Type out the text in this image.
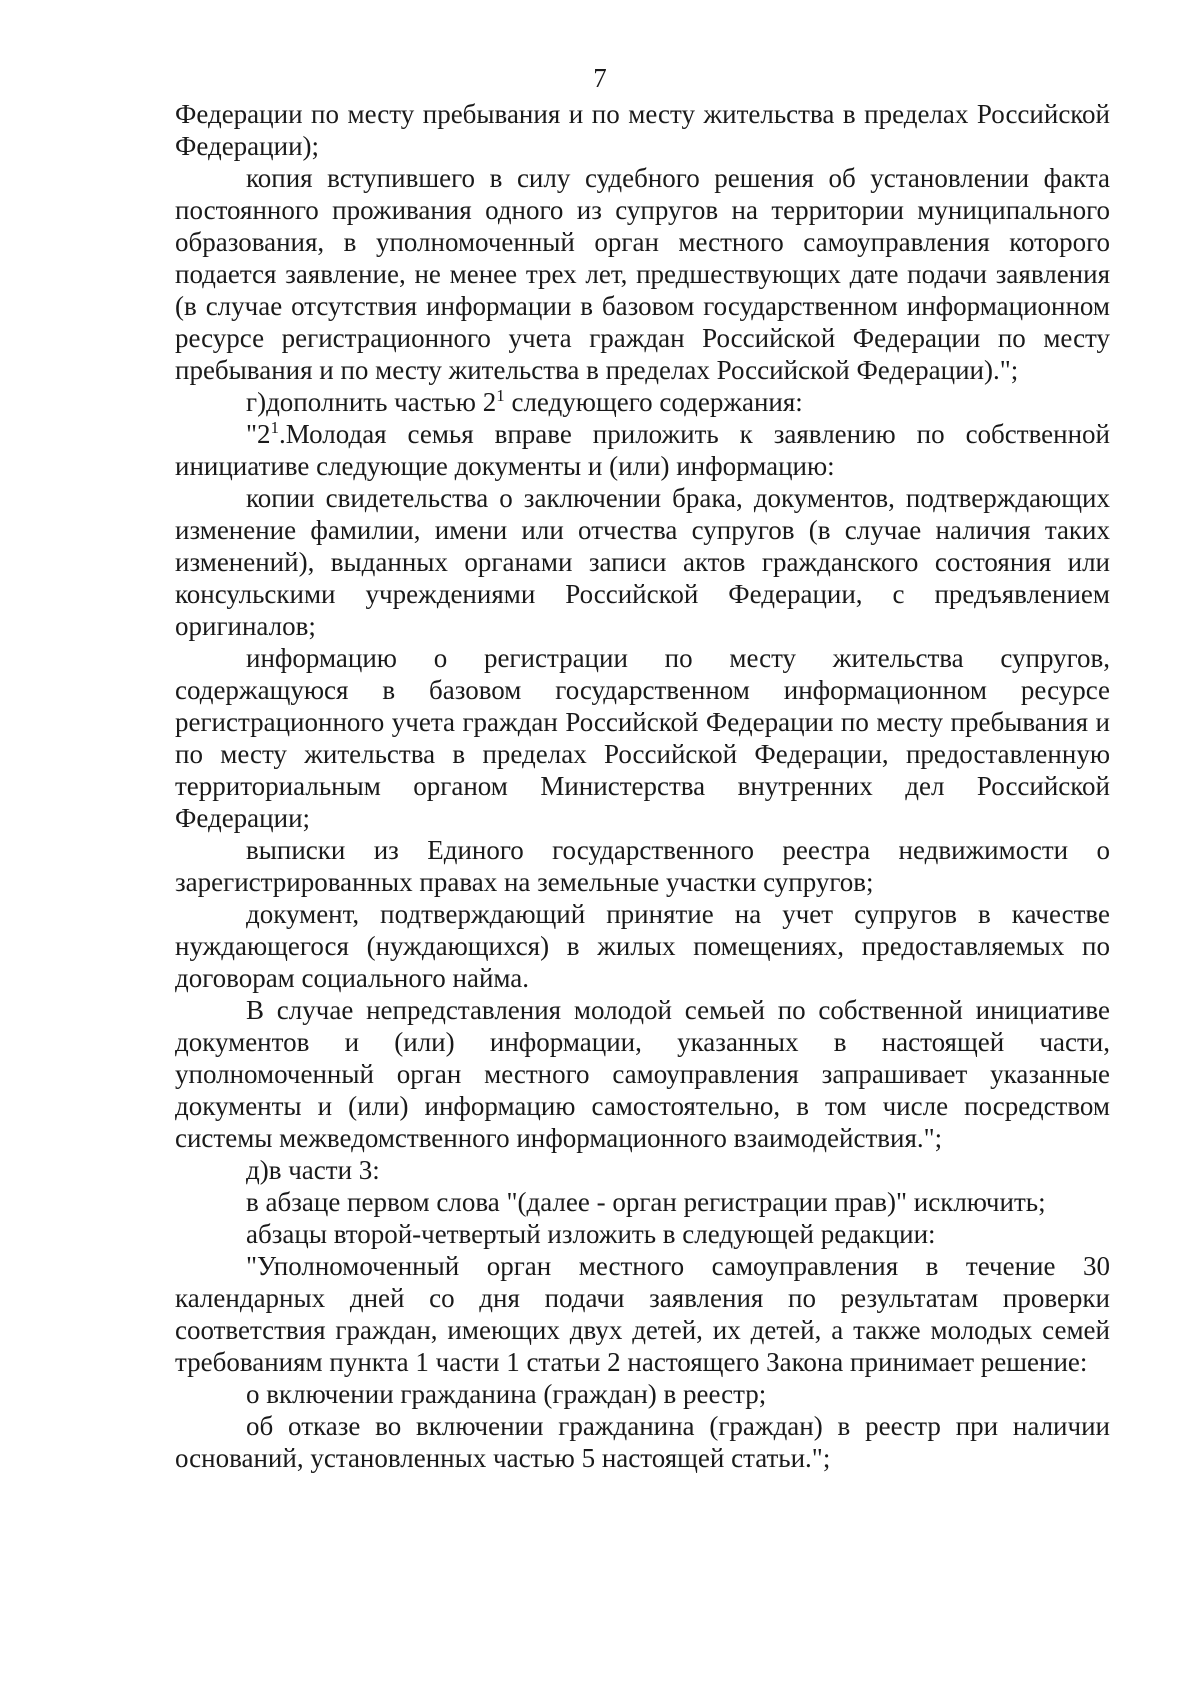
7

Федерации по месту пребывания и по месту жительства в пределах Российской Федерации);

копия вступившего в силу судебного решения об установлении факта постоянного проживания одного из супругов на территории муниципального образования, в уполномоченный орган местного самоуправления которого подается заявление, не менее трех лет, предшествующих дате подачи заявления (в случае отсутствия информации в базовом государственном информационном ресурсе регистрационного учета граждан Российской Федерации по месту пребывания и по месту жительства в пределах Российской Федерации).";

г)дополнить частью $2^1$ следующего содержания:

"$2^1.Молодая$ семья вправе приложить к заявлению по собственной инициативе следующие документы и (или) информацию:

копии свидетельства о заключении брака, документов, подтверждающих изменение фамилии, имени или отчества супругов (в случае наличия таких изменений), выданных органами записи актов гражданского состояния или консульскими учреждениями Российской Федерации, с предъявлением оригиналов;

информацию о регистрации по месту жительства супругов, содержащуюся в базовом государственном информационном ресурсе регистрационного учета граждан Российской Федерации по месту пребывания и по месту жительства в пределах Российской Федерации, предоставленную территориальным органом Министерства внутренних дел Российской Федерации;

выписки из Единого государственного реестра недвижимости о зарегистрированных правах на земельные участки супругов;

документ, подтверждающий принятие на учет супругов в качестве нуждающегося (нуждающихся) в жилых помещениях, предоставляемых по договорам социального найма.

В случае непредставления молодой семьей по собственной инициативе документов и (или) информации, указанных в настоящей части, уполномоченный орган местного самоуправления запрашивает указанные документы и (или) информацию самостоятельно, в том числе посредством системы межведомственного информационного взаимодействия.";

д)в части 3:

в абзаце первом слова "(далее - орган регистрации прав)" исключить;

абзацы второй-четвертый изложить в следующей редакции:

"Уполномоченный орган местного самоуправления в течение 30 календарных дней со дня подачи заявления по результатам проверки соответствия граждан, имеющих двух детей, их детей, а также молодых семей требованиям пункта 1 части 1 статьи 2 настоящего Закона принимает решение:

о включении гражданина (граждан) в реестр;

об отказе во включении гражданина (граждан) в реестр при наличии оснований, установленных частью 5 настоящей статьи.";
